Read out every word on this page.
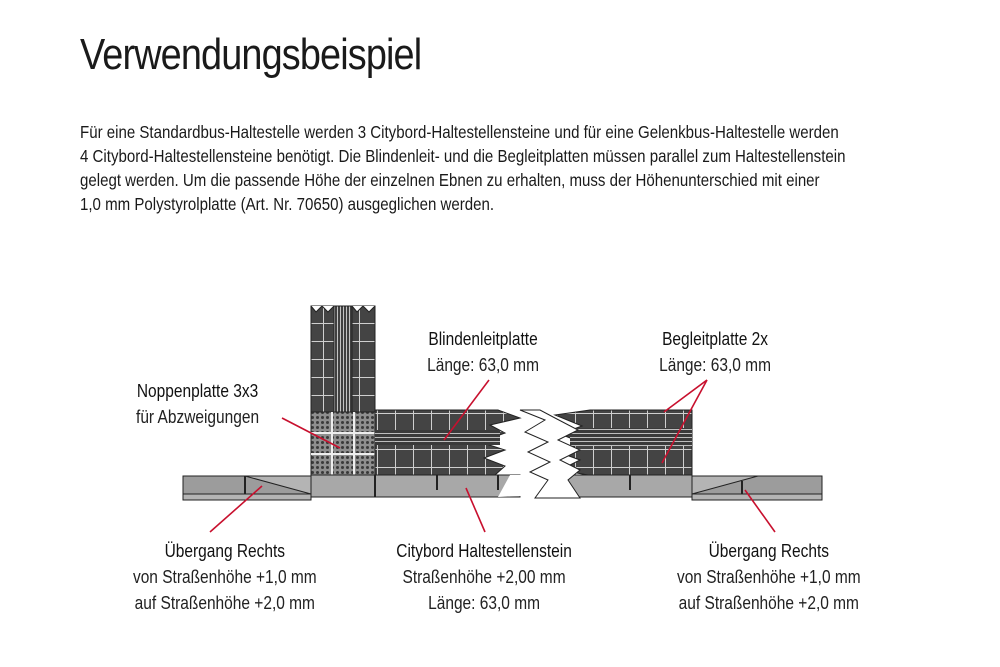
Verwendungsbeispiel

Für eine Standardbus-Haltestelle werden 3 Citybord-Haltestellensteine und für eine Gelenkbus-Haltestelle werden
4 Citybord-Haltestellensteine benötigt. Die Blindenleit- und die Begleitplatten müssen parallel zum Haltestellenstein
gelegt werden. Um die passende Höhe der einzelnen Ebnen zu erhalten, muss der Höhenunterschied mit einer
1,0 mm Polystyrolplatte (Art. Nr. 70650) ausgeglichen werden.

Blindenleitplatte
Länge: 63,0 mm
Begleitplatte 2x
Länge: 63,0 mm
Noppenplatte 3x3
für Abzweigungen
Übergang Rechts
von Straßenhöhe +1,0 mm
auf Straßenhöhe +2,0 mm
Citybord Haltestellenstein
Straßenhöhe +2,00 mm
Länge: 63,0 mm
Übergang Rechts
von Straßenhöhe +1,0 mm
auf Straßenhöhe +2,0 mm
